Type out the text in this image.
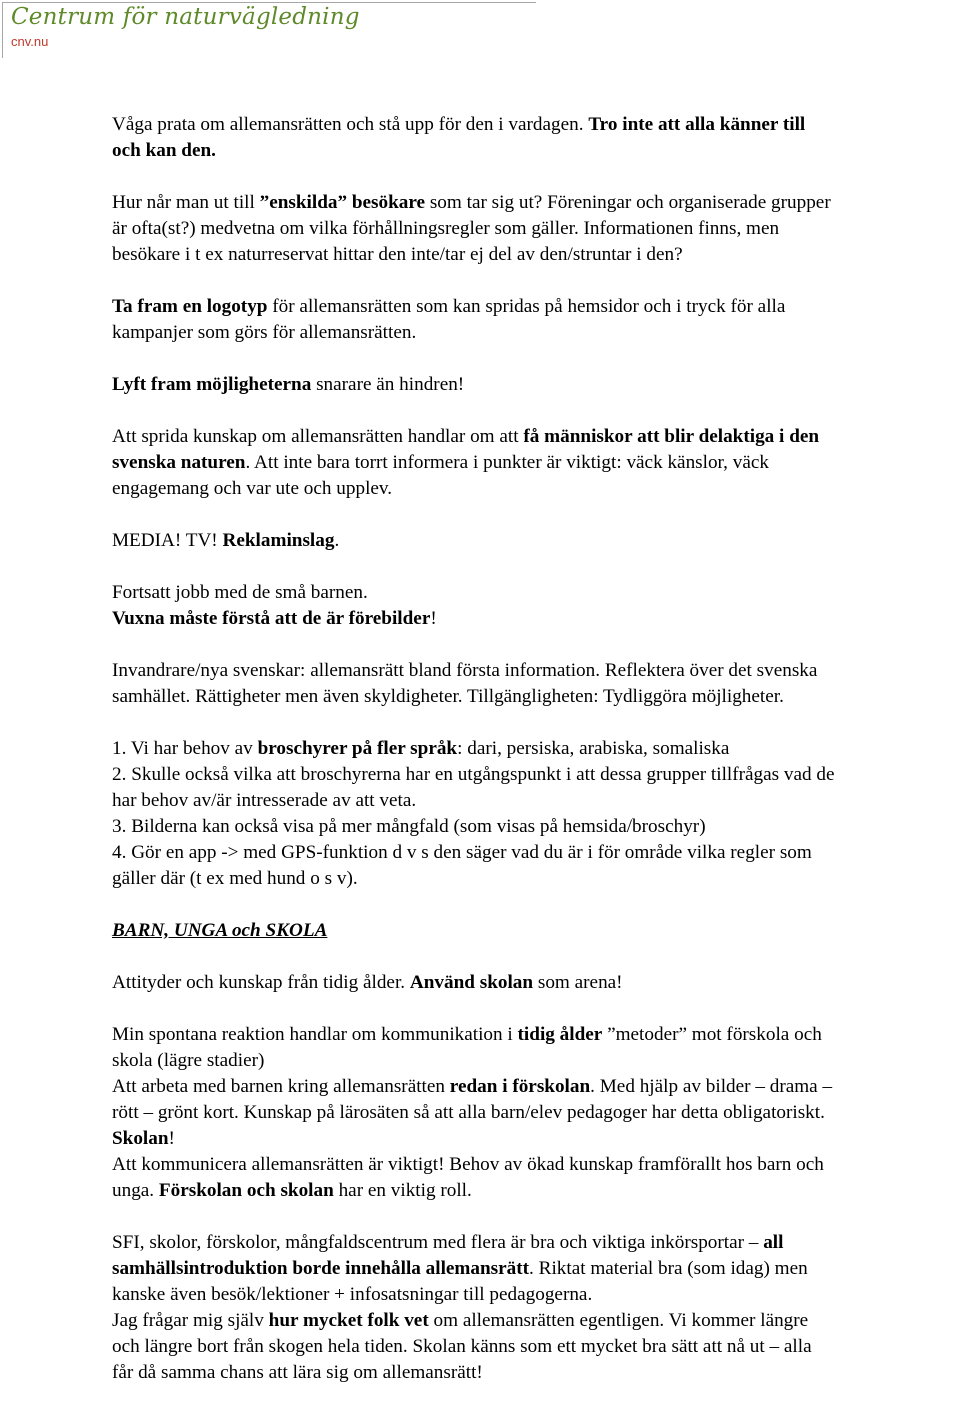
Centrum för naturvägledning
cnv.nu

Våga prata om allemansrätten och stå upp för den i vardagen. Tro inte att alla känner till
och kan den.

Hur når man ut till ”enskilda” besökare som tar sig ut? Föreningar och organiserade grupper
är ofta(st?) medvetna om vilka förhållningsregler som gäller. Informationen finns, men
besökare i t ex naturreservat hittar den inte/tar ej del av den/struntar i den?

Ta fram en logotyp för allemansrätten som kan spridas på hemsidor och i tryck för alla
kampanjer som görs för allemansrätten.

Lyft fram möjligheterna snarare än hindren!

Att sprida kunskap om allemansrätten handlar om att få människor att blir delaktiga i den
svenska naturen. Att inte bara torrt informera i punkter är viktigt: väck känslor, väck
engagemang och var ute och upplev.

MEDIA! TV! Reklaminslag.

Fortsatt jobb med de små barnen.
Vuxna måste förstå att de är förebilder!

Invandrare/nya svenskar: allemansrätt bland första information. Reflektera över det svenska
samhället. Rättigheter men även skyldigheter. Tillgängligheten: Tydliggöra möjligheter.

1. Vi har behov av broschyrer på fler språk: dari, persiska, arabiska, somaliska
2. Skulle också vilka att broschyrerna har en utgångspunkt i att dessa grupper tillfrågas vad de
har behov av/är intresserade av att veta.
3. Bilderna kan också visa på mer mångfald (som visas på hemsida/broschyr)
4. Gör en app -> med GPS-funktion d v s den säger vad du är i för område vilka regler som
gäller där (t ex med hund o s v).

BARN, UNGA och SKOLA

Attityder och kunskap från tidig ålder. Använd skolan som arena!

Min spontana reaktion handlar om kommunikation i tidig ålder ”metoder” mot förskola och
skola (lägre stadier)
Att arbeta med barnen kring allemansrätten redan i förskolan. Med hjälp av bilder – drama –
rött – grönt kort. Kunskap på lärosäten så att alla barn/elev pedagoger har detta obligatoriskt.
Skolan!
Att kommunicera allemansrätten är viktigt! Behov av ökad kunskap framförallt hos barn och
unga. Förskolan och skolan har en viktig roll.

SFI, skolor, förskolor, mångfaldscentrum med flera är bra och viktiga inkörsportar – all
samhällsintroduktion borde innehålla allemansrätt. Riktat material bra (som idag) men
kanske även besök/lektioner + infosatsningar till pedagogerna.
Jag frågar mig själv hur mycket folk vet om allemansrätten egentligen. Vi kommer längre
och längre bort från skogen hela tiden. Skolan känns som ett mycket bra sätt att nå ut – alla
får då samma chans att lära sig om allemansrätt!
